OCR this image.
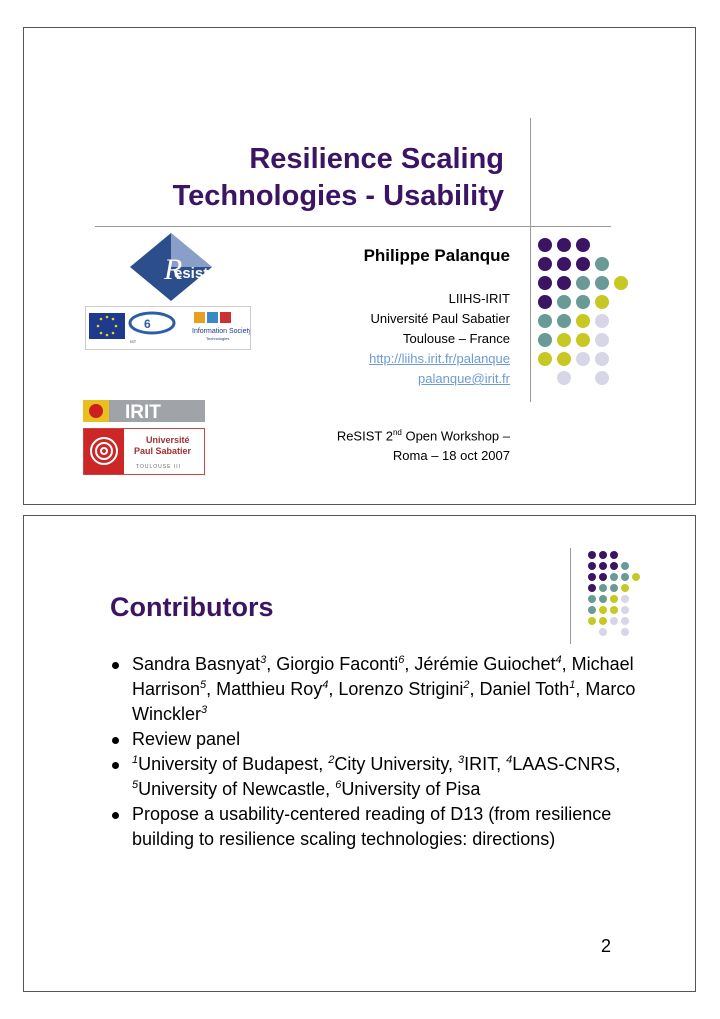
Resilience Scaling
Technologies - Usability
R
esist
6
IST
Information Society
Technologies
IRIT
Université
Paul Sabatier
TOULOUSE III
Philippe Palanque
LIIHS-IRIT
Université Paul Sabatier
Toulouse – France
http://liihs.irit.fr/palanque
palanque@irit.fr
ReSIST 2nd Open Workshop –
Roma – 18 oct 2007
Contributors
Sandra Basnyat$^3$, Giorgio Faconti$^6$, Jérémie Guiochet$^4$, Michael Harrison$^5$, Matthieu Roy$^4$, Lorenzo Strigini$^2$, Daniel Toth$^1$, Marco Winckler$^3$
Review panel
$^1$University of Budapest, $^2$City University, $^3$IRIT, $^4$LAAS-CNRS, $^5$University of Newcastle, $^6$University of Pisa
Propose a usability-centered reading of D13 (from resilience building to resilience scaling technologies: directions)
2
